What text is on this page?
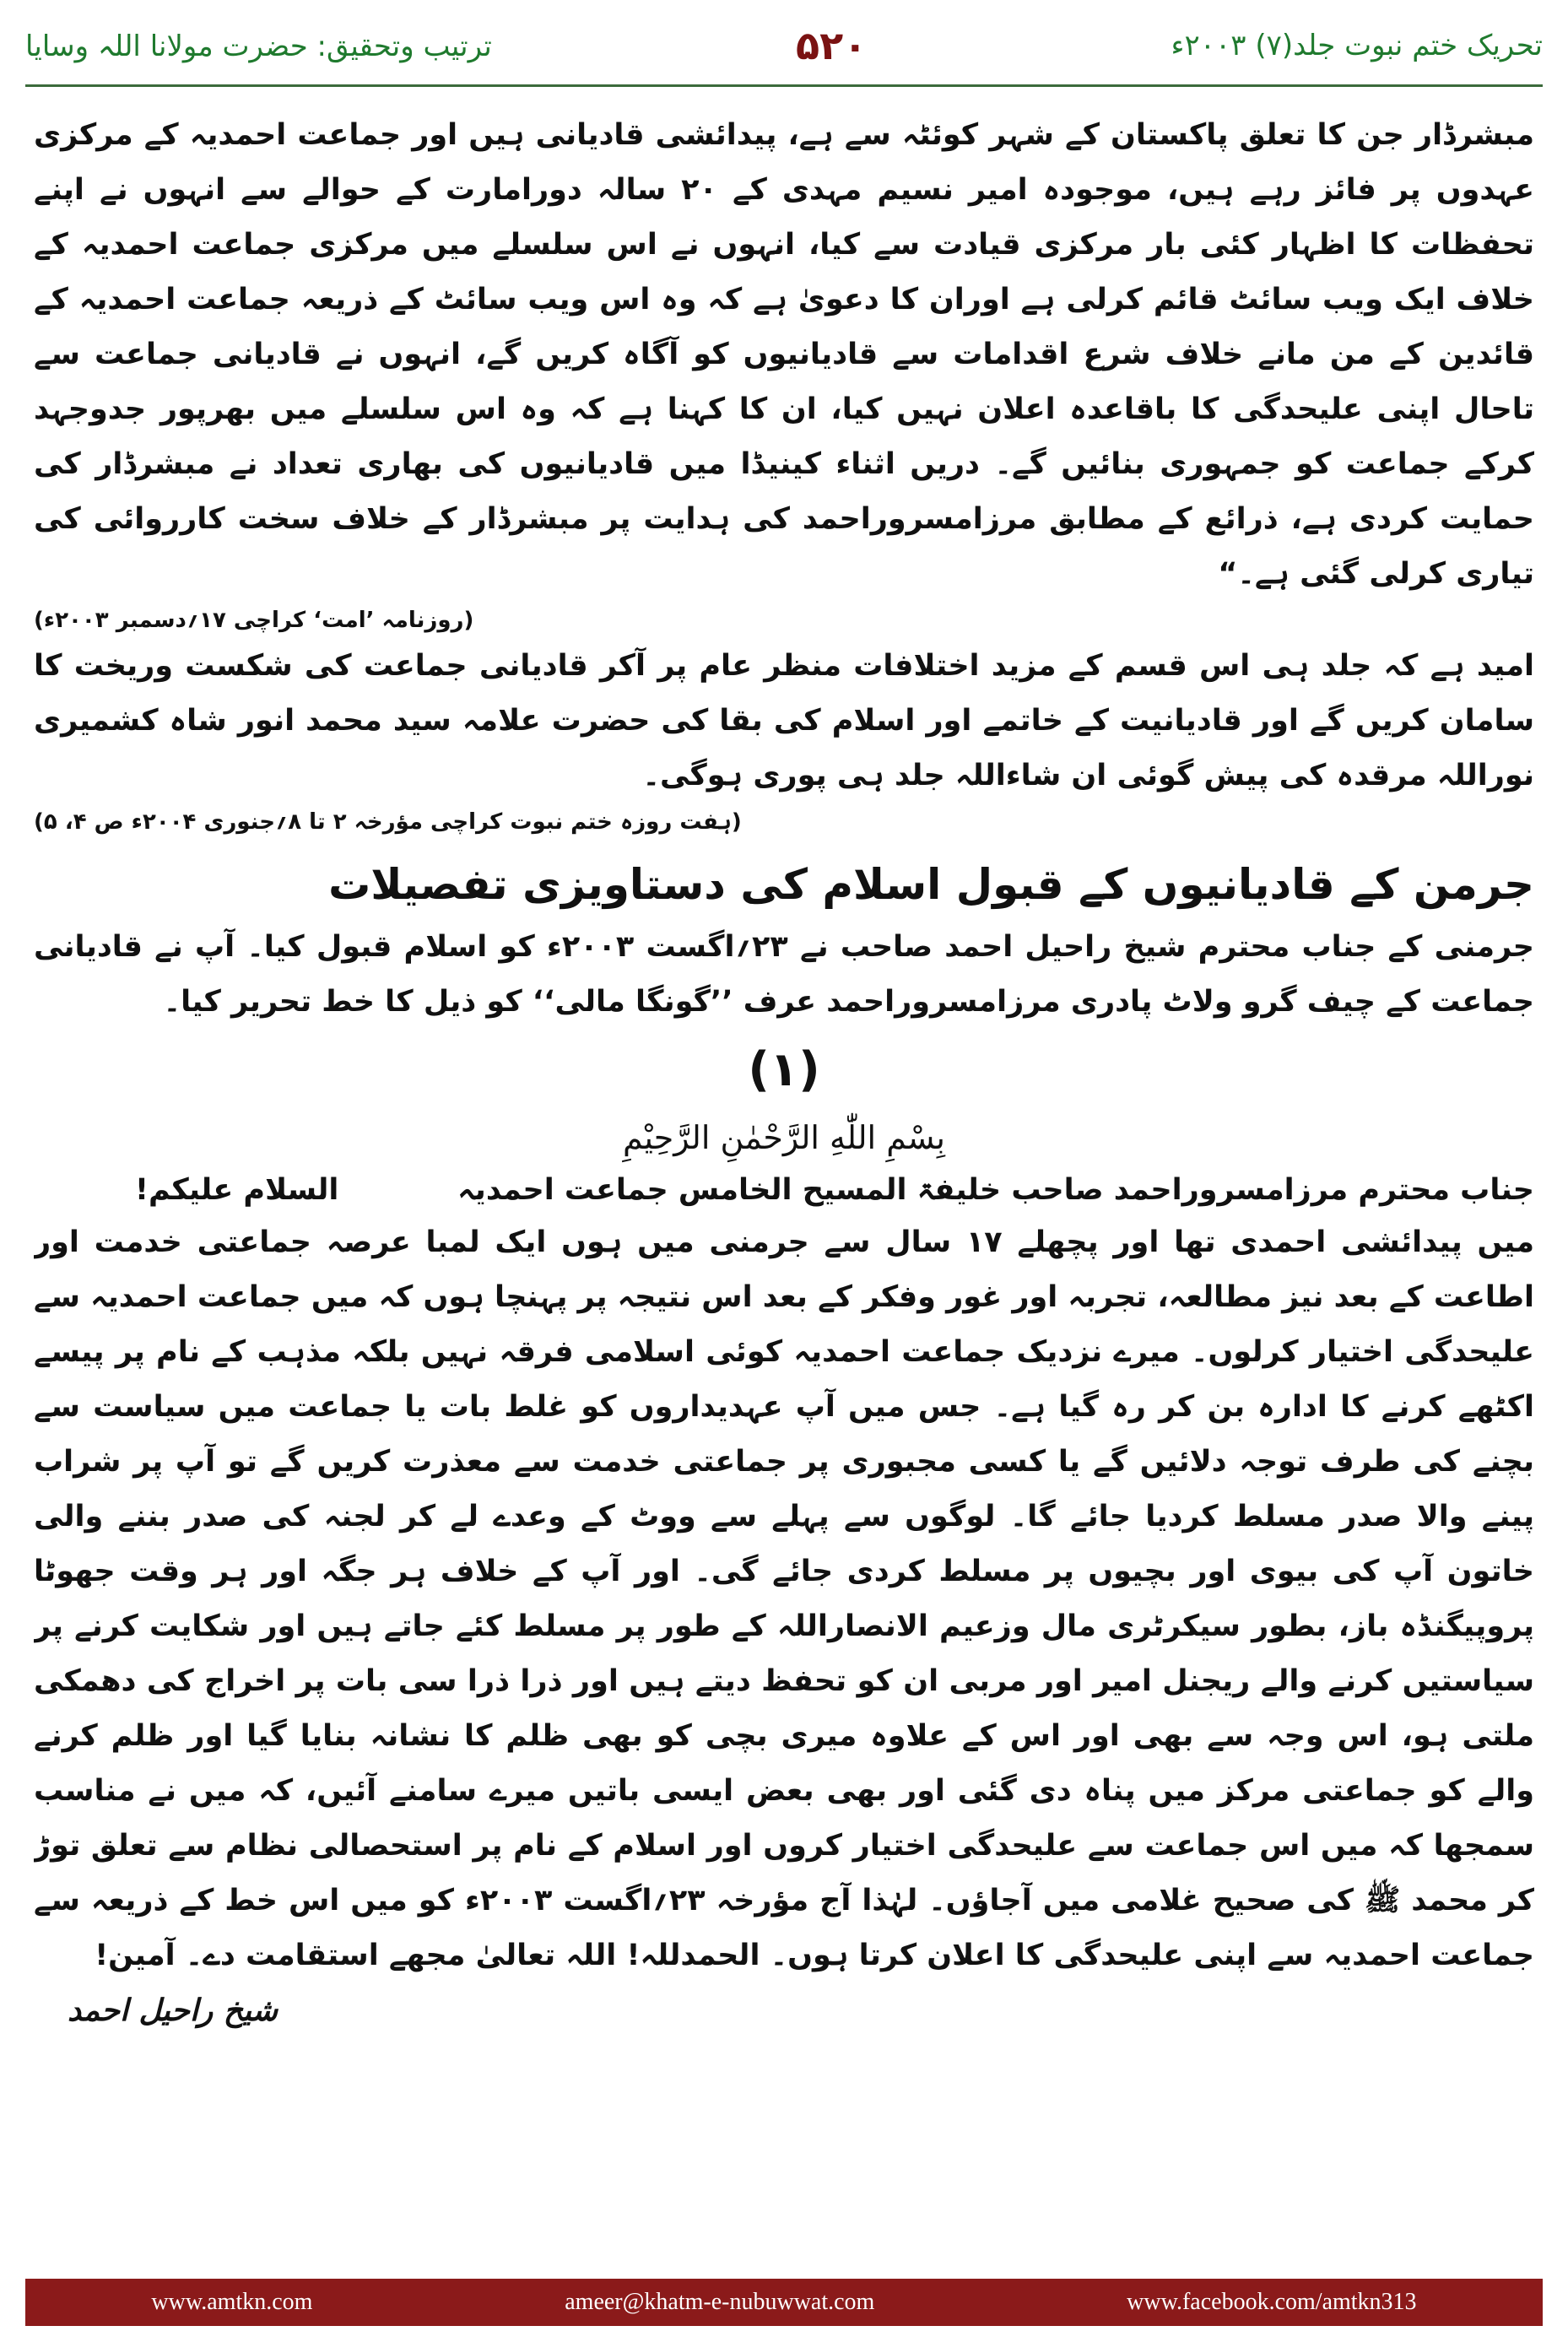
ترتیب وتحقیق: حضرت مولانا اللہ وسایا	۵۲۰	تحریک ختم نبوت جلد(۷) ۲۰۰۳ء

مبشرڈار جن کا تعلق پاکستان کے شہر کوئٹہ سے ہے، پیدائشی قادیانی ہیں اور جماعت احمدیہ کے مرکزی عہدوں پر فائز رہے ہیں، موجودہ امیر نسیم مہدی کے ۲۰ سالہ دورامارت کے حوالے سے انہوں نے اپنے تحفظات کا اظہار کئی بار مرکزی قیادت سے کیا، انہوں نے اس سلسلے میں مرکزی جماعت احمدیہ کے خلاف ایک ویب سائٹ قائم کرلی ہے اوران کا دعویٰ ہے کہ وہ اس ویب سائٹ کے ذریعہ جماعت احمدیہ کے قائدین کے من مانے خلاف شرع اقدامات سے قادیانیوں کو آگاہ کریں گے، انہوں نے قادیانی جماعت سے تاحال اپنی علیحدگی کا باقاعدہ اعلان نہیں کیا، ان کا کہنا ہے کہ وہ اس سلسلے میں بھرپور جدوجہد کرکے جماعت کو جمہوری بنائیں گے۔ دریں اثناء کینیڈا میں قادیانیوں کی بھاری تعداد نے مبشرڈار کی حمایت کردی ہے، ذرائع کے مطابق مرزامسروراحمد کی ہدایت پر مبشرڈار کے خلاف سخت کارروائی کی تیاری کرلی گئی ہے۔“

(روزنامہ ’امت‘ کراچی ۱۷؍دسمبر ۲۰۰۳ء)

امید ہے کہ جلد ہی اس قسم کے مزید اختلافات منظر عام پر آکر قادیانی جماعت کی شکست وریخت کا سامان کریں گے اور قادیانیت کے خاتمے اور اسلام کی بقا کی حضرت علامہ سید محمد انور شاہ کشمیری نوراللہ مرقدہ کی پیش گوئی ان شاءاللہ جلد ہی پوری ہوگی۔

(ہفت روزہ ختم نبوت کراچی مؤرخہ ۲ تا ۸؍جنوری ۲۰۰۴ء ص ۴، ۵)

جرمن کے قادیانیوں کے قبول اسلام کی دستاویزی تفصیلات

جرمنی کے جناب محترم شیخ راحیل احمد صاحب نے ۲۳؍اگست ۲۰۰۳ء کو اسلام قبول کیا۔ آپ نے قادیانی جماعت کے چیف گرو ولاٹ پادری مرزامسروراحمد عرف ’’گونگا مالی‘‘ کو ذیل کا خط تحریر کیا۔

(۱)

بِسْمِ اللّٰهِ الرَّحْمٰنِ الرَّحِيْمِ

جناب محترم مرزامسروراحمد صاحب خلیفۃ المسیح الخامس جماعت احمدیہ
السلام علیکم!

میں پیدائشی احمدی تھا اور پچھلے ۱۷ سال سے جرمنی میں ہوں ایک لمبا عرصہ جماعتی خدمت اور اطاعت کے بعد نیز مطالعہ، تجربہ اور غور وفکر کے بعد اس نتیجہ پر پہنچا ہوں کہ میں جماعت احمدیہ سے علیحدگی اختیار کرلوں۔ میرے نزدیک جماعت احمدیہ کوئی اسلامی فرقہ نہیں بلکہ مذہب کے نام پر پیسے اکٹھے کرنے کا ادارہ بن کر رہ گیا ہے۔ جس میں آپ عہدیداروں کو غلط بات یا جماعت میں سیاست سے بچنے کی طرف توجہ دلائیں گے یا کسی مجبوری پر جماعتی خدمت سے معذرت کریں گے تو آپ پر شراب پینے والا صدر مسلط کردیا جائے گا۔ لوگوں سے پہلے سے ووٹ کے وعدے لے کر لجنہ کی صدر بننے والی خاتون آپ کی بیوی اور بچیوں پر مسلط کردی جائے گی۔ اور آپ کے خلاف ہر جگہ اور ہر وقت جھوٹا پروپیگنڈہ باز، بطور سیکرٹری مال وزعیم الانصاراللہ کے طور پر مسلط کئے جاتے ہیں اور شکایت کرنے پر سیاستیں کرنے والے ریجنل امیر اور مربی ان کو تحفظ دیتے ہیں اور ذرا ذرا سی بات پر اخراج کی دھمکی ملتی ہو، اس وجہ سے بھی اور اس کے علاوہ میری بچی کو بھی ظلم کا نشانہ بنایا گیا اور ظلم کرنے والے کو جماعتی مرکز میں پناہ دی گئی اور بھی بعض ایسی باتیں میرے سامنے آئیں، کہ میں نے مناسب سمجھا کہ میں اس جماعت سے علیحدگی اختیار کروں اور اسلام کے نام پر استحصالی نظام سے تعلق توڑ کر محمد ﷺ کی صحیح غلامی میں آجاؤں۔ لہٰذا آج مؤرخہ ۲۳؍اگست ۲۰۰۳ء کو میں اس خط کے ذریعہ سے جماعت احمدیہ سے اپنی علیحدگی کا اعلان کرتا ہوں۔ الحمدللہ! اللہ تعالیٰ مجھے استقامت دے۔ آمین!

شیخ راحیل احمد
www.amtkn.com	ameer@khatm-e-nubuwwat.com	www.facebook.com/amtkn313
